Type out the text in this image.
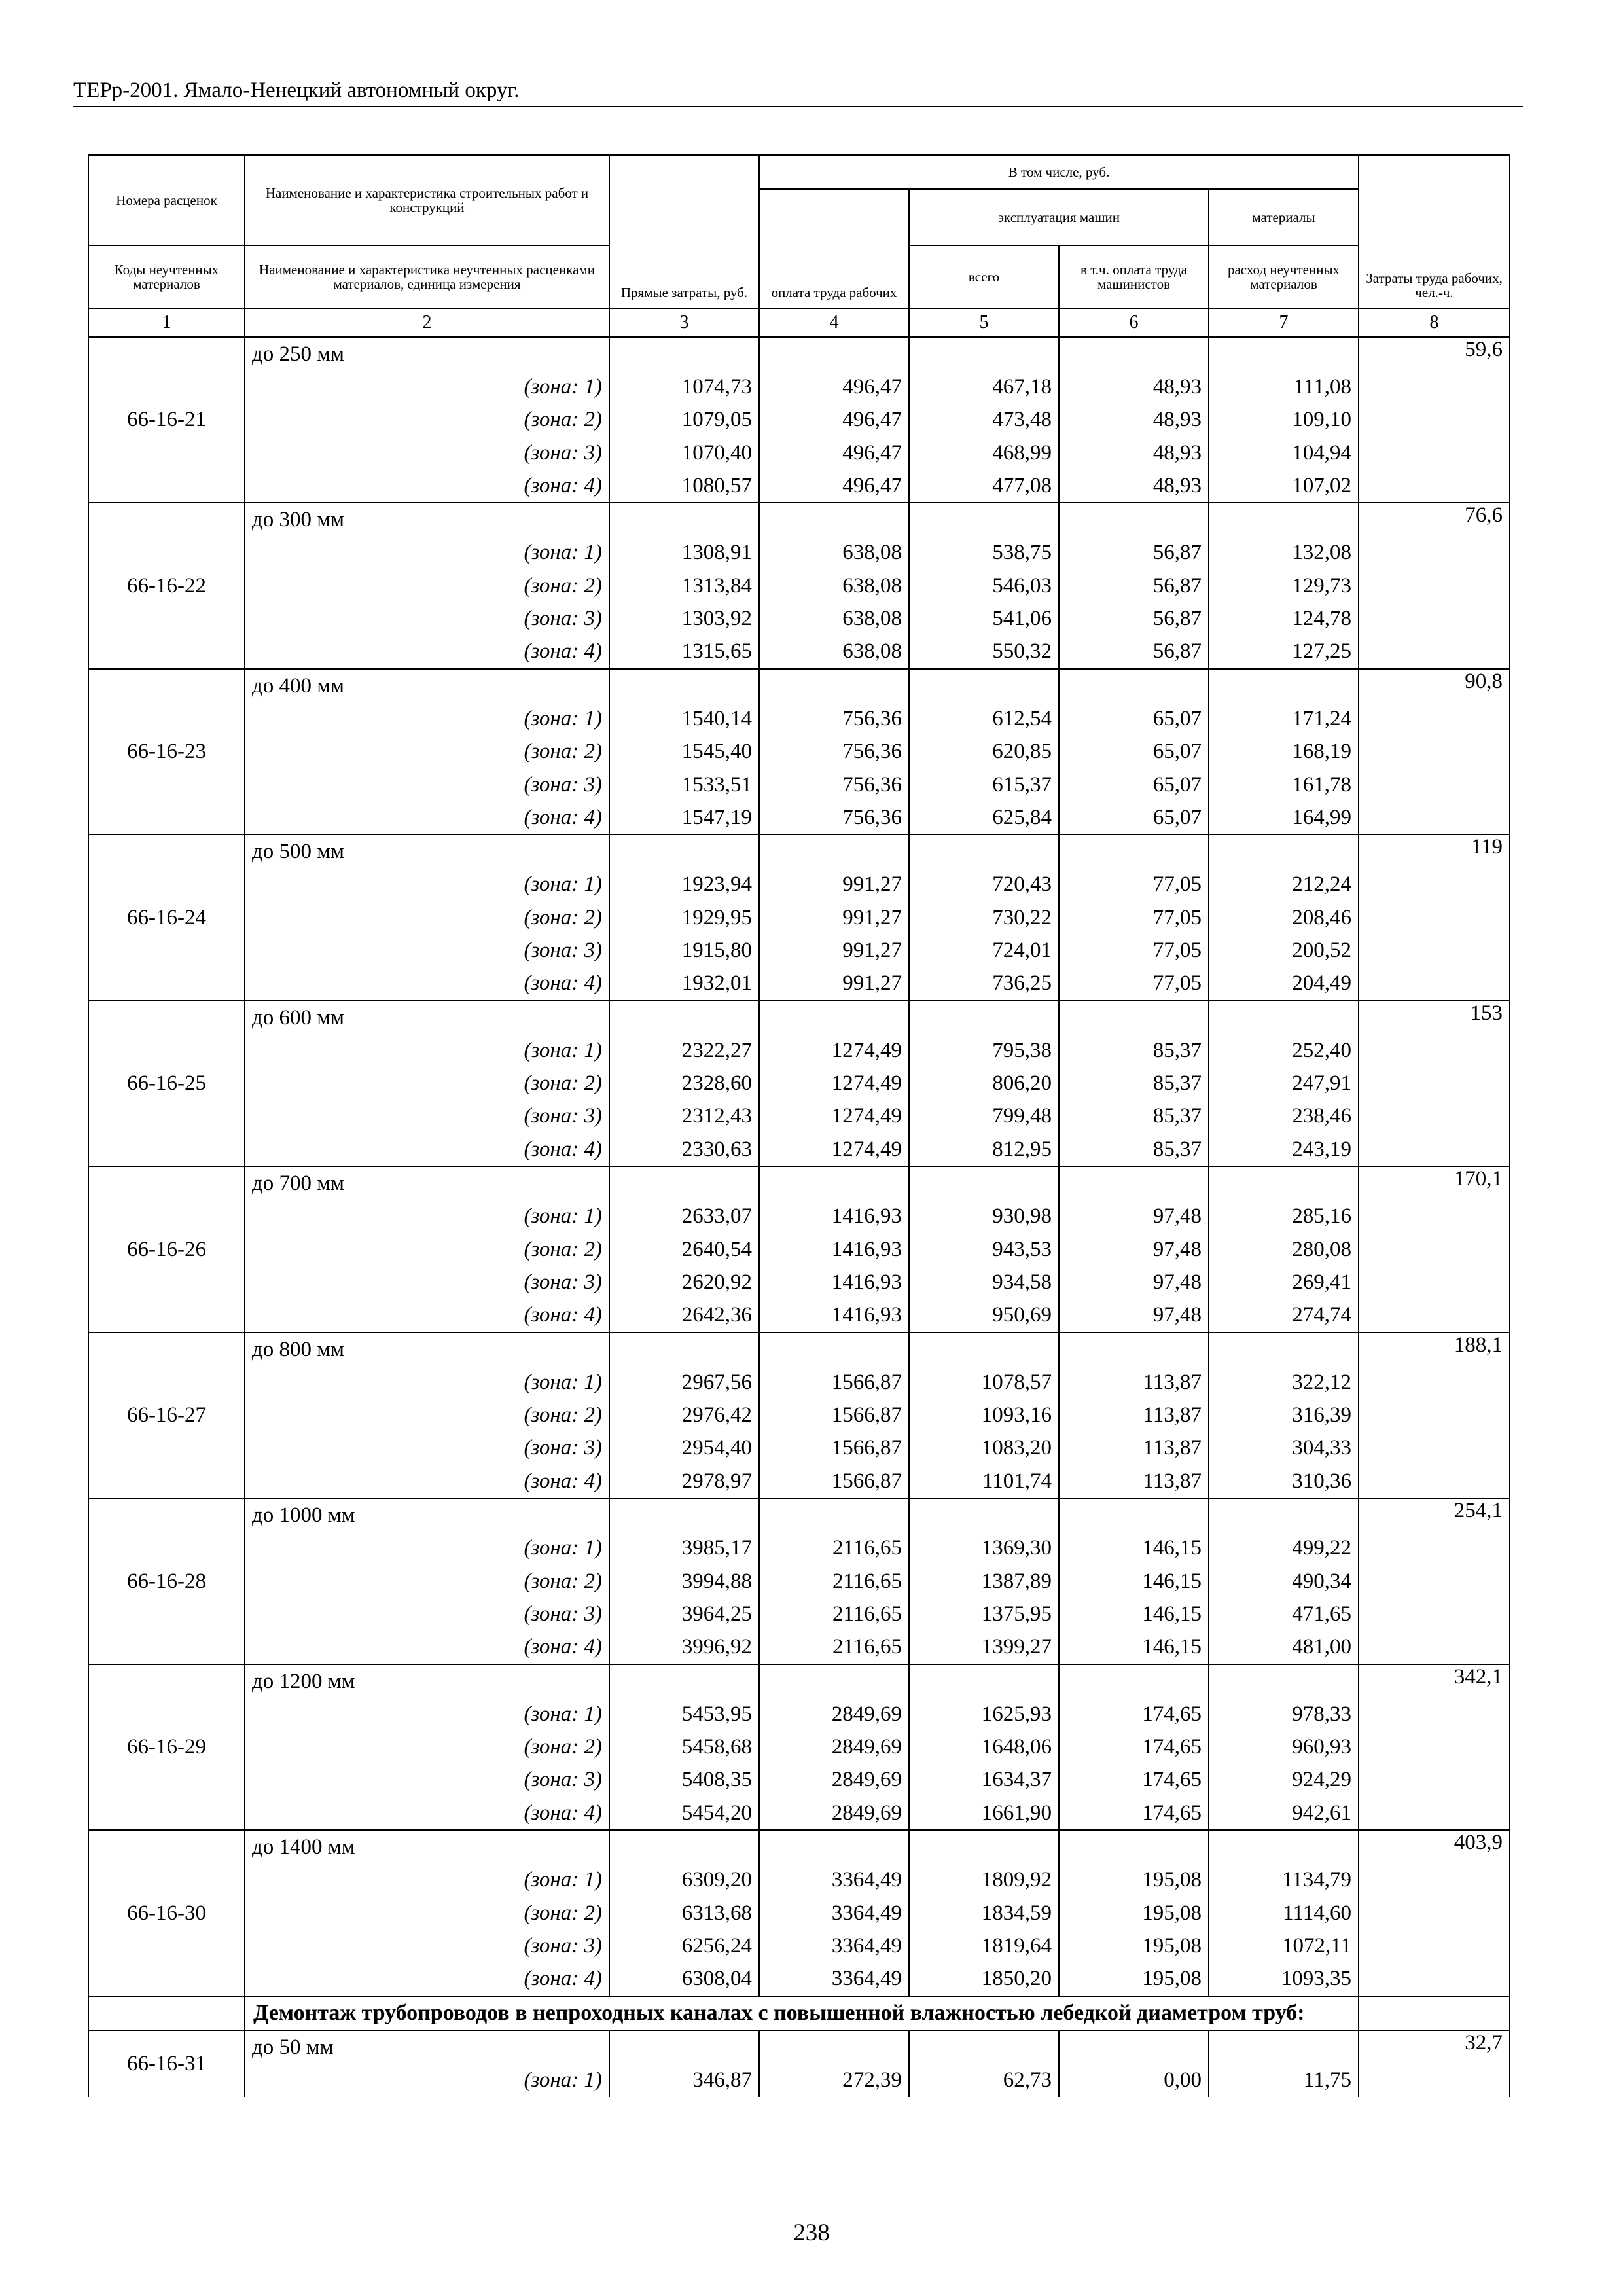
ТЕРр-2001. Ямало-Ненецкий автономный округ.
Номера расценок	Наименование и характеристика строительных работ и конструкций	Прямые затраты, руб.	В том числе, руб.				Затраты труда рабочих, чел.-ч.
			оплата труда рабочих	эксплуатация машин		материалы	
Коды неучтенных материалов	Наименование и характеристика неучтенных расценками материалов, единица измерения			всего	в т.ч. оплата труда машинистов	расход неучтенных материалов	
1	2	3	4	5	6	7	8
66-16-21	до 250 мм						59,6
	(зона: 1)	1074,73	496,47	467,18	48,93	111,08	
	(зона: 2)	1079,05	496,47	473,48	48,93	109,10	
	(зона: 3)	1070,40	496,47	468,99	48,93	104,94	
	(зона: 4)	1080,57	496,47	477,08	48,93	107,02	
66-16-22	до 300 мм						76,6
	(зона: 1)	1308,91	638,08	538,75	56,87	132,08	
	(зона: 2)	1313,84	638,08	546,03	56,87	129,73	
	(зона: 3)	1303,92	638,08	541,06	56,87	124,78	
	(зона: 4)	1315,65	638,08	550,32	56,87	127,25	
66-16-23	до 400 мм						90,8
	(зона: 1)	1540,14	756,36	612,54	65,07	171,24	
	(зона: 2)	1545,40	756,36	620,85	65,07	168,19	
	(зона: 3)	1533,51	756,36	615,37	65,07	161,78	
	(зона: 4)	1547,19	756,36	625,84	65,07	164,99	
66-16-24	до 500 мм						119
	(зона: 1)	1923,94	991,27	720,43	77,05	212,24	
	(зона: 2)	1929,95	991,27	730,22	77,05	208,46	
	(зона: 3)	1915,80	991,27	724,01	77,05	200,52	
	(зона: 4)	1932,01	991,27	736,25	77,05	204,49	
66-16-25	до 600 мм						153
	(зона: 1)	2322,27	1274,49	795,38	85,37	252,40	
	(зона: 2)	2328,60	1274,49	806,20	85,37	247,91	
	(зона: 3)	2312,43	1274,49	799,48	85,37	238,46	
	(зона: 4)	2330,63	1274,49	812,95	85,37	243,19	
66-16-26	до 700 мм						170,1
	(зона: 1)	2633,07	1416,93	930,98	97,48	285,16	
	(зона: 2)	2640,54	1416,93	943,53	97,48	280,08	
	(зона: 3)	2620,92	1416,93	934,58	97,48	269,41	
	(зона: 4)	2642,36	1416,93	950,69	97,48	274,74	
66-16-27	до 800 мм						188,1
	(зона: 1)	2967,56	1566,87	1078,57	113,87	322,12	
	(зона: 2)	2976,42	1566,87	1093,16	113,87	316,39	
	(зона: 3)	2954,40	1566,87	1083,20	113,87	304,33	
	(зона: 4)	2978,97	1566,87	1101,74	113,87	310,36	
66-16-28	до 1000 мм						254,1
	(зона: 1)	3985,17	2116,65	1369,30	146,15	499,22	
	(зона: 2)	3994,88	2116,65	1387,89	146,15	490,34	
	(зона: 3)	3964,25	2116,65	1375,95	146,15	471,65	
	(зона: 4)	3996,92	2116,65	1399,27	146,15	481,00	
66-16-29	до 1200 мм						342,1
	(зона: 1)	5453,95	2849,69	1625,93	174,65	978,33	
	(зона: 2)	5458,68	2849,69	1648,06	174,65	960,93	
	(зона: 3)	5408,35	2849,69	1634,37	174,65	924,29	
	(зона: 4)	5454,20	2849,69	1661,90	174,65	942,61	
66-16-30	до 1400 мм						403,9
	(зона: 1)	6309,20	3364,49	1809,92	195,08	1134,79	
	(зона: 2)	6313,68	3364,49	1834,59	195,08	1114,60	
	(зона: 3)	6256,24	3364,49	1819,64	195,08	1072,11	
	(зона: 4)	6308,04	3364,49	1850,20	195,08	1093,35	
	Демонтаж трубопроводов в непроходных каналах с повышенной влажностью лебедкой диаметром труб:						
66-16-31	до 50 мм						32,7
	(зона: 1)	346,87	272,39	62,73	0,00	11,75	
238
